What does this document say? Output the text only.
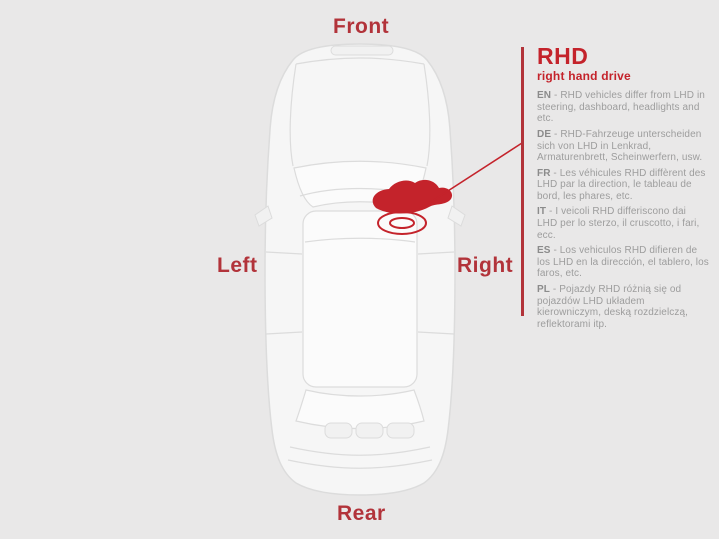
Front
Left	Right
Rear
RHD
right hand drive
EN - RHD vehicles differ from LHD in steering, dashboard, headlights and etc.
DE - RHD-Fahrzeuge unterscheiden sich von LHD in Lenkrad, Armaturenbrett, Scheinwerfern, usw.
FR - Les véhicules RHD diffèrent des LHD par la direction, le tableau de bord, les phares, etc.
IT - I veicoli RHD differiscono dai LHD per lo sterzo, il cruscotto, i fari, ecc.
ES - Los vehiculos RHD difieren de los LHD en la dirección, el tablero, los faros, etc.
PL - Pojazdy RHD różnią się od pojazdów LHD układem kierowniczym, deską rozdzielczą, reflektorami itp.
